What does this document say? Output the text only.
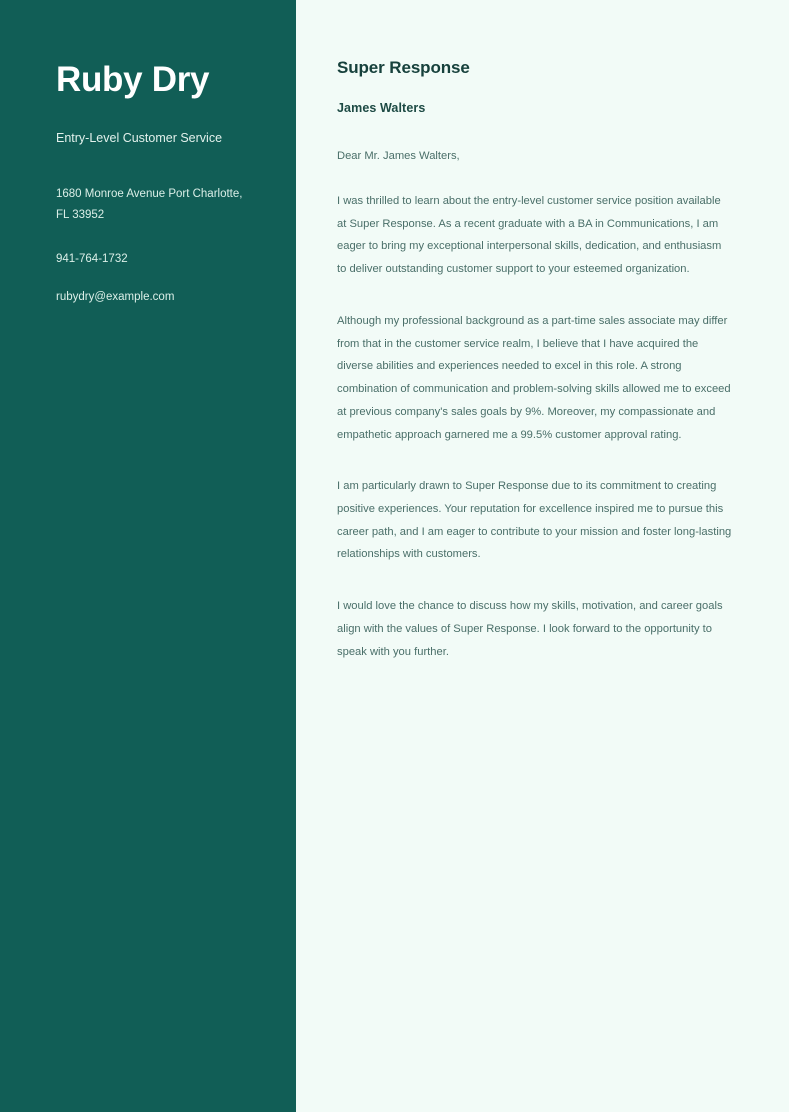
Ruby Dry
Entry-Level Customer Service
1680 Monroe Avenue Port Charlotte,
FL 33952
941-764-1732
rubydry@example.com
Super Response
James Walters
Dear Mr. James Walters,

I was thrilled to learn about the entry-level customer service position available at Super Response. As a recent graduate with a BA in Communications, I am eager to bring my exceptional interpersonal skills, dedication, and enthusiasm to deliver outstanding customer support to your esteemed organization.

Although my professional background as a part-time sales associate may differ from that in the customer service realm, I believe that I have acquired the diverse abilities and experiences needed to excel in this role. A strong combination of communication and problem-solving skills allowed me to exceed at previous company's sales goals by 9%. Moreover, my compassionate and empathetic approach garnered me a 99.5% customer approval rating.

I am particularly drawn to Super Response due to its commitment to creating positive experiences. Your reputation for excellence inspired me to pursue this career path, and I am eager to contribute to your mission and foster long-lasting relationships with customers.

I would love the chance to discuss how my skills, motivation, and career goals align with the values of Super Response. I look forward to the opportunity to speak with you further.
